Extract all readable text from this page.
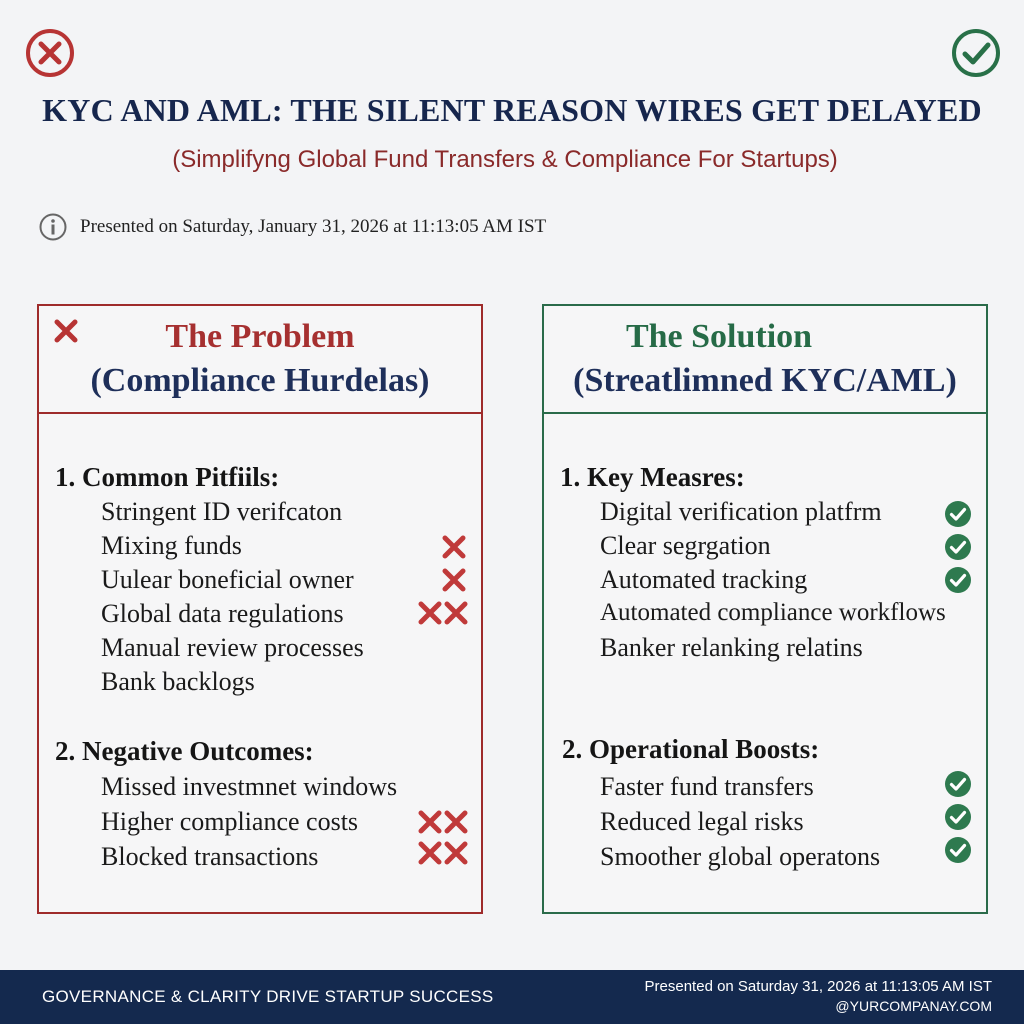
KYC AND AML: THE SILENT REASON WIRES GET DELAYED
(Simplifyng Global Fund Transfers & Compliance For Startups)
Presented on Saturday, January 31, 2026 at 11:13:05 AM IST
The Problem
(Compliance Hurdelas)
1. Common Pitfiils:
Stringent ID verifcaton
Mixing funds
Uulear boneficial owner
Global data regulations
Manual review processes
Bank backlogs
2. Negative Outcomes:
Missed investmnet windows
Higher compliance costs
Blocked transactions
The Solution
(Streatlimned KYC/AML)
1. Key Measres:
Digital verification platfrm
Clear segrgation
Automated tracking
Automated compliance workflows
Banker relanking relatins
2. Operational Boosts:
Faster fund transfers
Reduced legal risks
Smoother global operatons
GOVERNANCE & CLARITY DRIVE STARTUP SUCCESS
Presented on Saturday 31, 2026 at 11:13:05 AM IST
@YURCOMPANAY.COM
